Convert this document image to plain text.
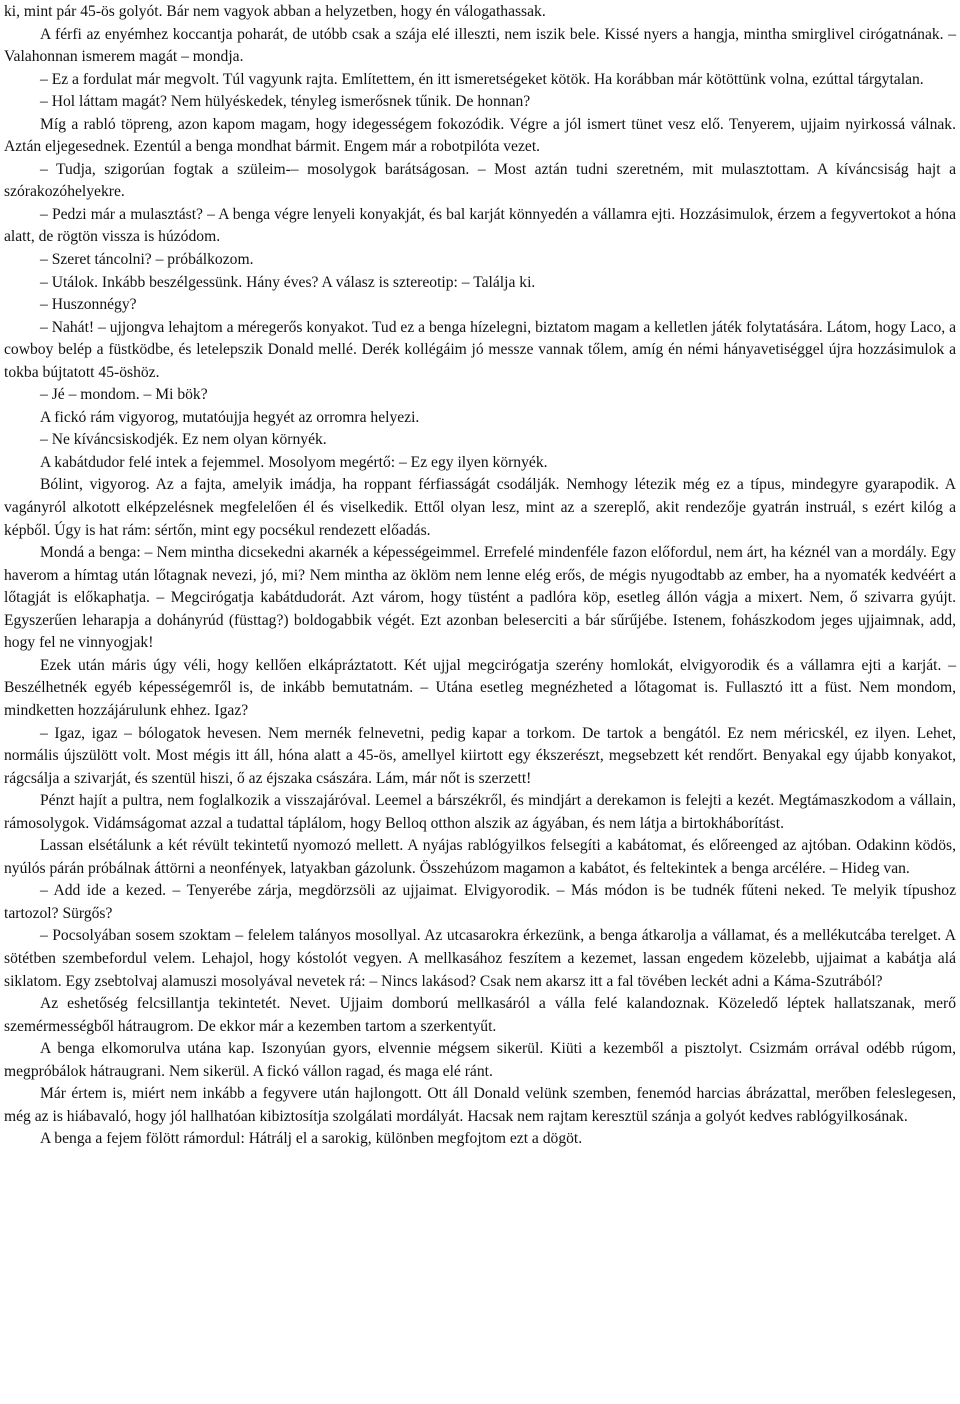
ki, mint pár 45-ös golyót. Bár nem vagyok abban a helyzetben, hogy én válogathassak.

A férfi az enyémhez koccantja poharát, de utóbb csak a szája elé illeszti, nem iszik bele. Kissé nyers a hangja, mintha smirglivel cirógatnának. – Valahonnan ismerem magát – mondja.

– Ez a fordulat már megvolt. Túl vagyunk rajta. Említettem, én itt ismeretségeket kötök. Ha korábban már kötöttünk volna, ezúttal tárgytalan.

– Hol láttam magát? Nem hülyéskedek, tényleg ismerősnek tűnik. De honnan?

Míg a rabló töpreng, azon kapom magam, hogy idegességem fokozódik. Végre a jól ismert tünet vesz elő. Tenyerem, ujjaim nyirkossá válnak. Aztán eljegesednek. Ezentúl a benga mondhat bármit. Engem már a robotpilóta vezet.

– Tudja, szigorúan fogtak a szüleim-– mosolygok barátságosan. – Most aztán tudni szeretném, mit mulasztottam. A kíváncsiság hajt a szórakozóhelyekre.

– Pedzi már a mulasztást? – A benga végre lenyeli konyakját, és bal karját könnyedén a vállamra ejti. Hozzásimulok, érzem a fegyvertokot a hóna alatt, de rögtön vissza is húzódom.

– Szeret táncolni? – próbálkozom.

– Utálok. Inkább beszélgessünk. Hány éves? A válasz is sztereotip: – Találja ki.

– Huszonnégy?

– Nahát! – ujjongva lehajtom a méregerős konyakot. Tud ez a benga hízelegni, biztatom magam a kelletlen játék folytatására. Látom, hogy Laco, a cowboy belép a füstködbe, és letelepszik Donald mellé. Derék kollégáim jó messze vannak tőlem, amíg én némi hányavetiséggel újra hozzásimulok a tokba bújtatott 45-öshöz.

– Jé – mondom. – Mi bök?

A fickó rám vigyorog, mutatóujja hegyét az orromra helyezi.

– Ne kíváncsiskodjék. Ez nem olyan környék.

A kabátdudor felé intek a fejemmel. Mosolyom megértő: – Ez egy ilyen környék.

Bólint, vigyorog. Az a fajta, amelyik imádja, ha roppant férfiasságát csodálják. Nemhogy létezik még ez a típus, mindegyre gyarapodik. A vagányról alkotott elképzelésnek megfelelően él és viselkedik. Ettől olyan lesz, mint az a szereplő, akit rendezője gyatrán instruál, s ezért kilóg a képből. Úgy is hat rám: sértőn, mint egy pocsékul rendezett előadás.

Mondá a benga: – Nem mintha dicsekedni akarnék a képességeimmel. Errefelé mindenféle fazon előfordul, nem árt, ha kéznél van a mordály. Egy haverom a hímtag után lőtagnak nevezi, jó, mi? Nem mintha az öklöm nem lenne elég erős, de mégis nyugodtabb az ember, ha a nyomaték kedvéért a lőtagját is előkaphatja. – Megcirógatja kabátdudorát. Azt várom, hogy tüstént a padlóra köp, esetleg állón vágja a mixert. Nem, ő szivarra gyújt. Egyszerűen leharapja a dohányrúd (füsttag?) boldogabbik végét. Ezt azonban beleserciti a bár sűrűjébe. Istenem, fohászkodom jeges ujjaimnak, add, hogy fel ne vinnyogjak!

Ezek után máris úgy véli, hogy kellően elkápráztatott. Két ujjal megcirógatja szerény homlokát, elvigyorodik és a vállamra ejti a karját. – Beszélhetnék egyéb képességemről is, de inkább bemutatnám. – Utána esetleg megnézheted a lőtagomat is. Fullasztó itt a füst. Nem mondom, mindketten hozzájárulunk ehhez. Igaz?

– Igaz, igaz – bólogatok hevesen. Nem mernék felnevetni, pedig kapar a torkom. De tartok a bengától. Ez nem méricskél, ez ilyen. Lehet, normális újszülött volt. Most mégis itt áll, hóna alatt a 45-ös, amellyel kiirtott egy ékszerészt, megsebzett két rendőrt. Benyakal egy újabb konyakot, rágcsálja a szivarját, és szentül hiszi, ő az éjszaka császára. Lám, már nőt is szerzett!

Pénzt hajít a pultra, nem foglalkozik a visszajáróval. Leemel a bárszékről, és mindjárt a derekamon is felejti a kezét. Megtámaszkodom a vállain, rámosolygok. Vidámságomat azzal a tudattal táplálom, hogy Belloq otthon alszik az ágyában, és nem látja a birtokháborítást.

Lassan elsétálunk a két révült tekintetű nyomozó mellett. A nyájas rablógyilkos felsegíti a kabátomat, és előreenged az ajtóban. Odakinn ködös, nyúlós párán próbálnak áttörni a neonfények, latyakban gázolunk. Összehúzom magamon a kabátot, és feltekintek a benga arcélére. – Hideg van.

– Add ide a kezed. – Tenyerébe zárja, megdörzsöli az ujjaimat. Elvigyorodik. – Más módon is be tudnék fűteni neked. Te melyik típushoz tartozol? Sürgős?

– Pocsolyában sosem szoktam – felelem talányos mosollyal. Az utcasarokra érkezünk, a benga átkarolja a vállamat, és a mellékutcába terelget. A sötétben szembefordul velem. Lehajol, hogy kóstolót vegyen. A mellkasához feszítem a kezemet, lassan engedem közelebb, ujjaimat a kabátja alá siklatom. Egy zsebtolvaj alamuszi mosolyával nevetek rá: – Nincs lakásod? Csak nem akarsz itt a fal tövében leckét adni a Káma-Szutrából?

Az eshetőség felcsillantja tekintetét. Nevet. Ujjaim domború mellkasáról a válla felé kalandoznak. Közeledő léptek hallatszanak, merő szemérmességből hátraugrom. De ekkor már a kezemben tartom a szerkentyűt.

A benga elkomorulva utána kap. Iszonyúan gyors, elvennie mégsem sikerül. Kiüti a kezemből a pisztolyt. Csizmám orrával odébb rúgom, megpróbálok hátraugrani. Nem sikerül. A fickó vállon ragad, és maga elé ránt.

Már értem is, miért nem inkább a fegyvere után hajlongott. Ott áll Donald velünk szemben, fenemód harcias ábrázattal, merőben feleslegesen, még az is hiábavaló, hogy jól hallhatóan kibiztosítja szolgálati mordályát. Hacsak nem rajtam keresztül szánja a golyót kedves rablógyilkosának.

A benga a fejem fölött rámordul: Hátrálj el a sarokig, különben megfojtom ezt a dögöt.
